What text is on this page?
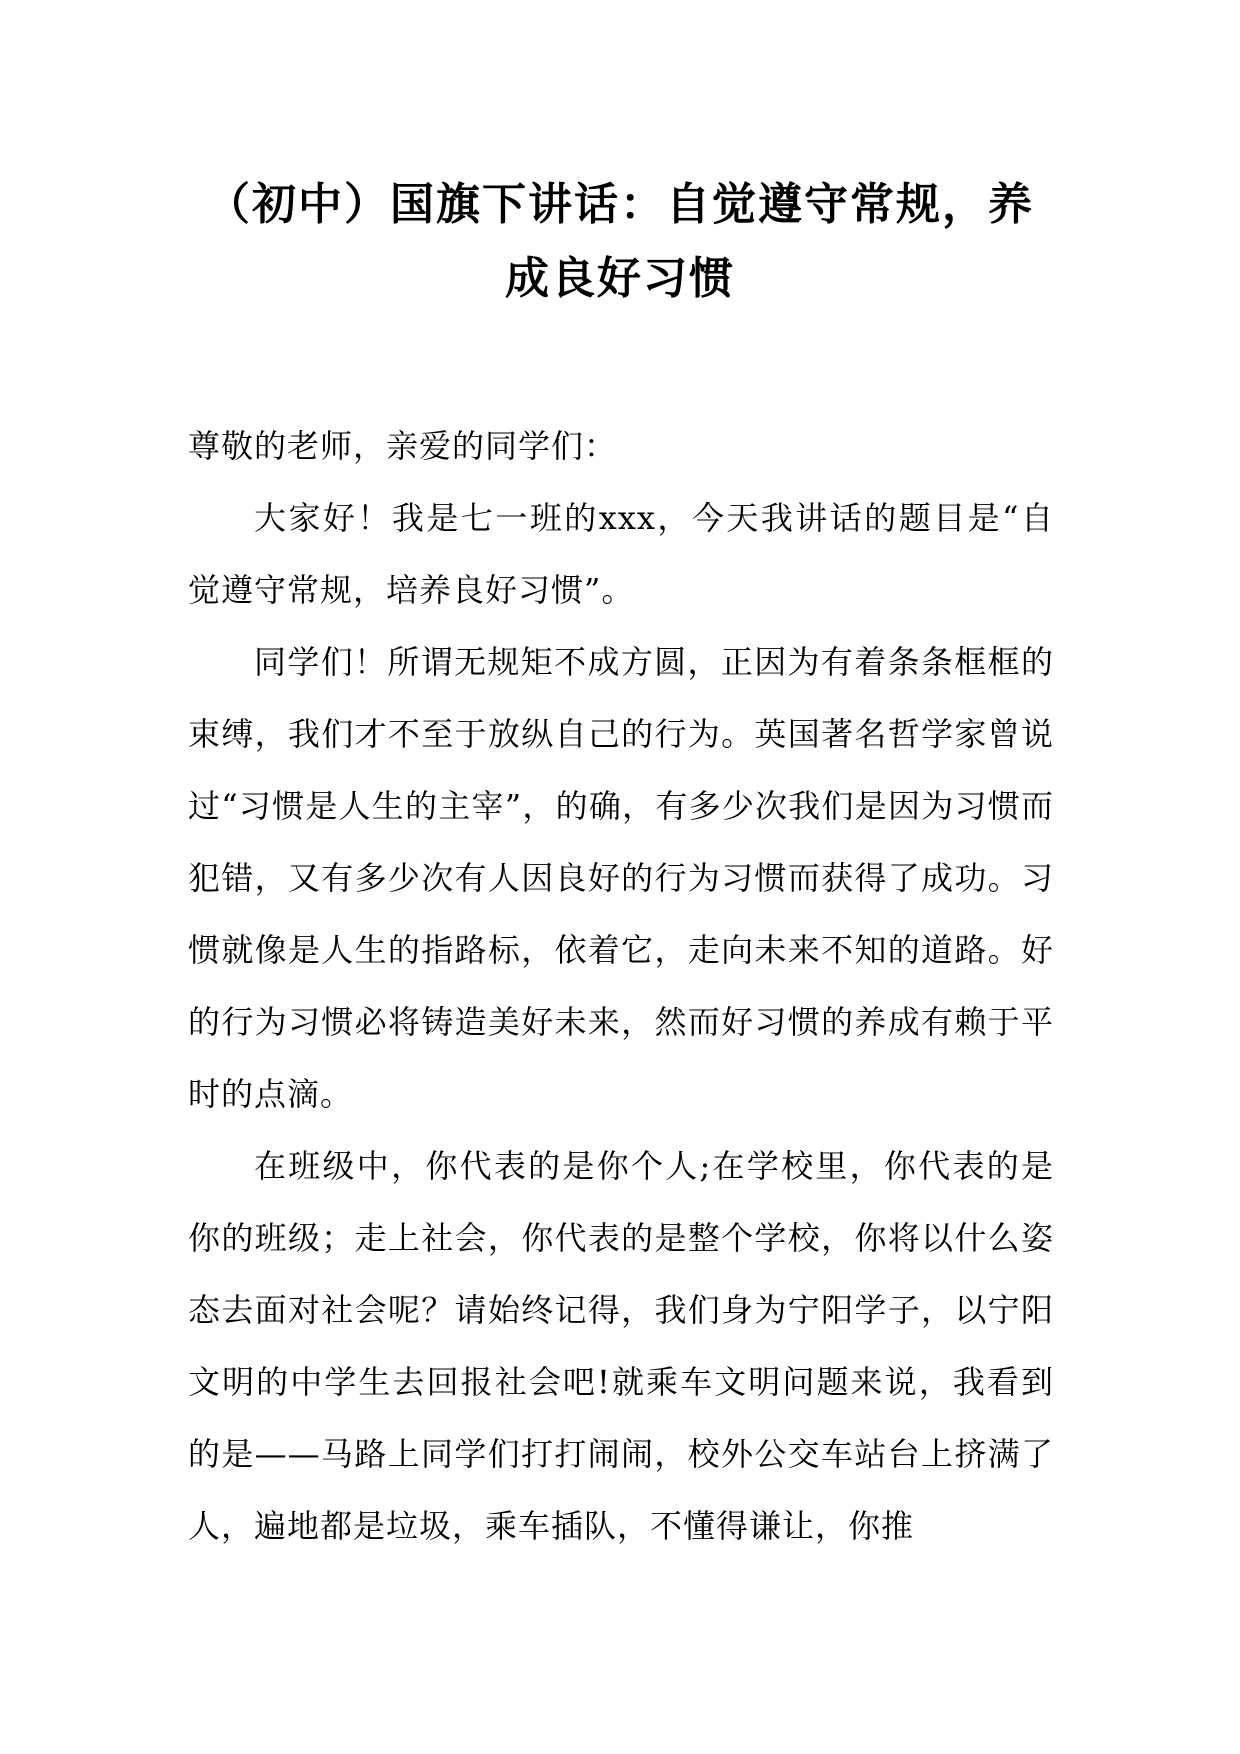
（初中）国旗下讲话：自觉遵守常规，养
成良好习惯

尊敬的老师，亲爱的同学们：

大家好！我是七一班的xxx，今天我讲话的题目是“自觉遵守常规，培养良好习惯”。

同学们！所谓无规矩不成方圆，正因为有着条条框框的束缚，我们才不至于放纵自己的行为。英国著名哲学家曾说过“习惯是人生的主宰”，的确，有多少次我们是因为习惯而犯错，又有多少次有人因良好的行为习惯而获得了成功。习惯就像是人生的指路标，依着它，走向未来不知的道路。好的行为习惯必将铸造美好未来，然而好习惯的养成有赖于平时的点滴。

在班级中，你代表的是你个人;在学校里，你代表的是你的班级；走上社会，你代表的是整个学校，你将以什么姿态去面对社会呢？请始终记得，我们身为宁阳学子，以宁阳文明的中学生去回报社会吧!就乘车文明问题来说，我看到的是——马路上同学们打打闹闹，校外公交车站台上挤满了人，遍地都是垃圾，乘车插队，不懂得谦让，你推
